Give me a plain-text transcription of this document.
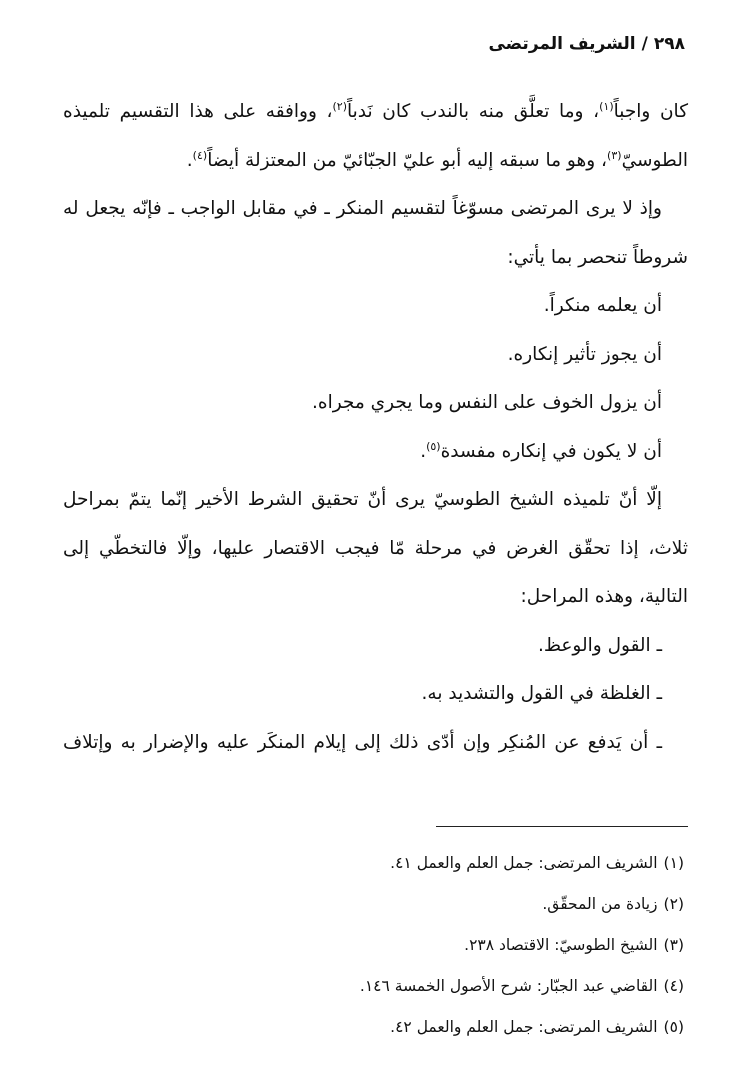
٢٩٨/الشريف المرتضى

كان واجباً$^{(١)}$، وما تعلَّق منه بالندب كان نَدباً$^{(٢)}$، ووافقه على هذا التقسيم تلميذه

الطوسيّ$^{(٣)}$، وهو ما سبقه إليه أبو عليّ الجبّائيّ من المعتزلة أيضاً$^{(٤)}$.

وإذ لا يرى المرتضى مسوّغاً لتقسيم المنكر ـ في مقابل الواجب ـ فإنّه يجعل له

شروطاً تنحصر بما يأتي:

أن يعلمه منكراً.

أن يجوز تأثير إنكاره.

أن يزول الخوف على النفس وما يجري مجراه.

أن لا يكون في إنكاره مفسدة$^{(٥)}$.

إلّا أنّ تلميذه الشيخ الطوسيّ يرى أنّ تحقيق الشرط الأخير إنّما يتمّ بمراحل

ثلاث، إذا تحقّق الغرض في مرحلة مّا فيجب الاقتصار عليها، وإلّا فالتخطّي إلى

التالية، وهذه المراحل:

ـ القول والوعظ.

ـ الغلظة في القول والتشديد به.

ـ أن يَدفع عن المُنكِر وإن أدّى ذلك إلى إيلام المنكَر عليه والإضرار به وإتلاف

(١)الشريف المرتضى: جمل العلم والعمل ٤١.
(٢)زيادة من المحقّق.
(٣)الشيخ الطوسيّ: الاقتصاد ٢٣٨.
(٤)القاضي عبد الجبّار: شرح الأصول الخمسة ١٤٦.
(٥)الشريف المرتضى: جمل العلم والعمل ٤٢.
